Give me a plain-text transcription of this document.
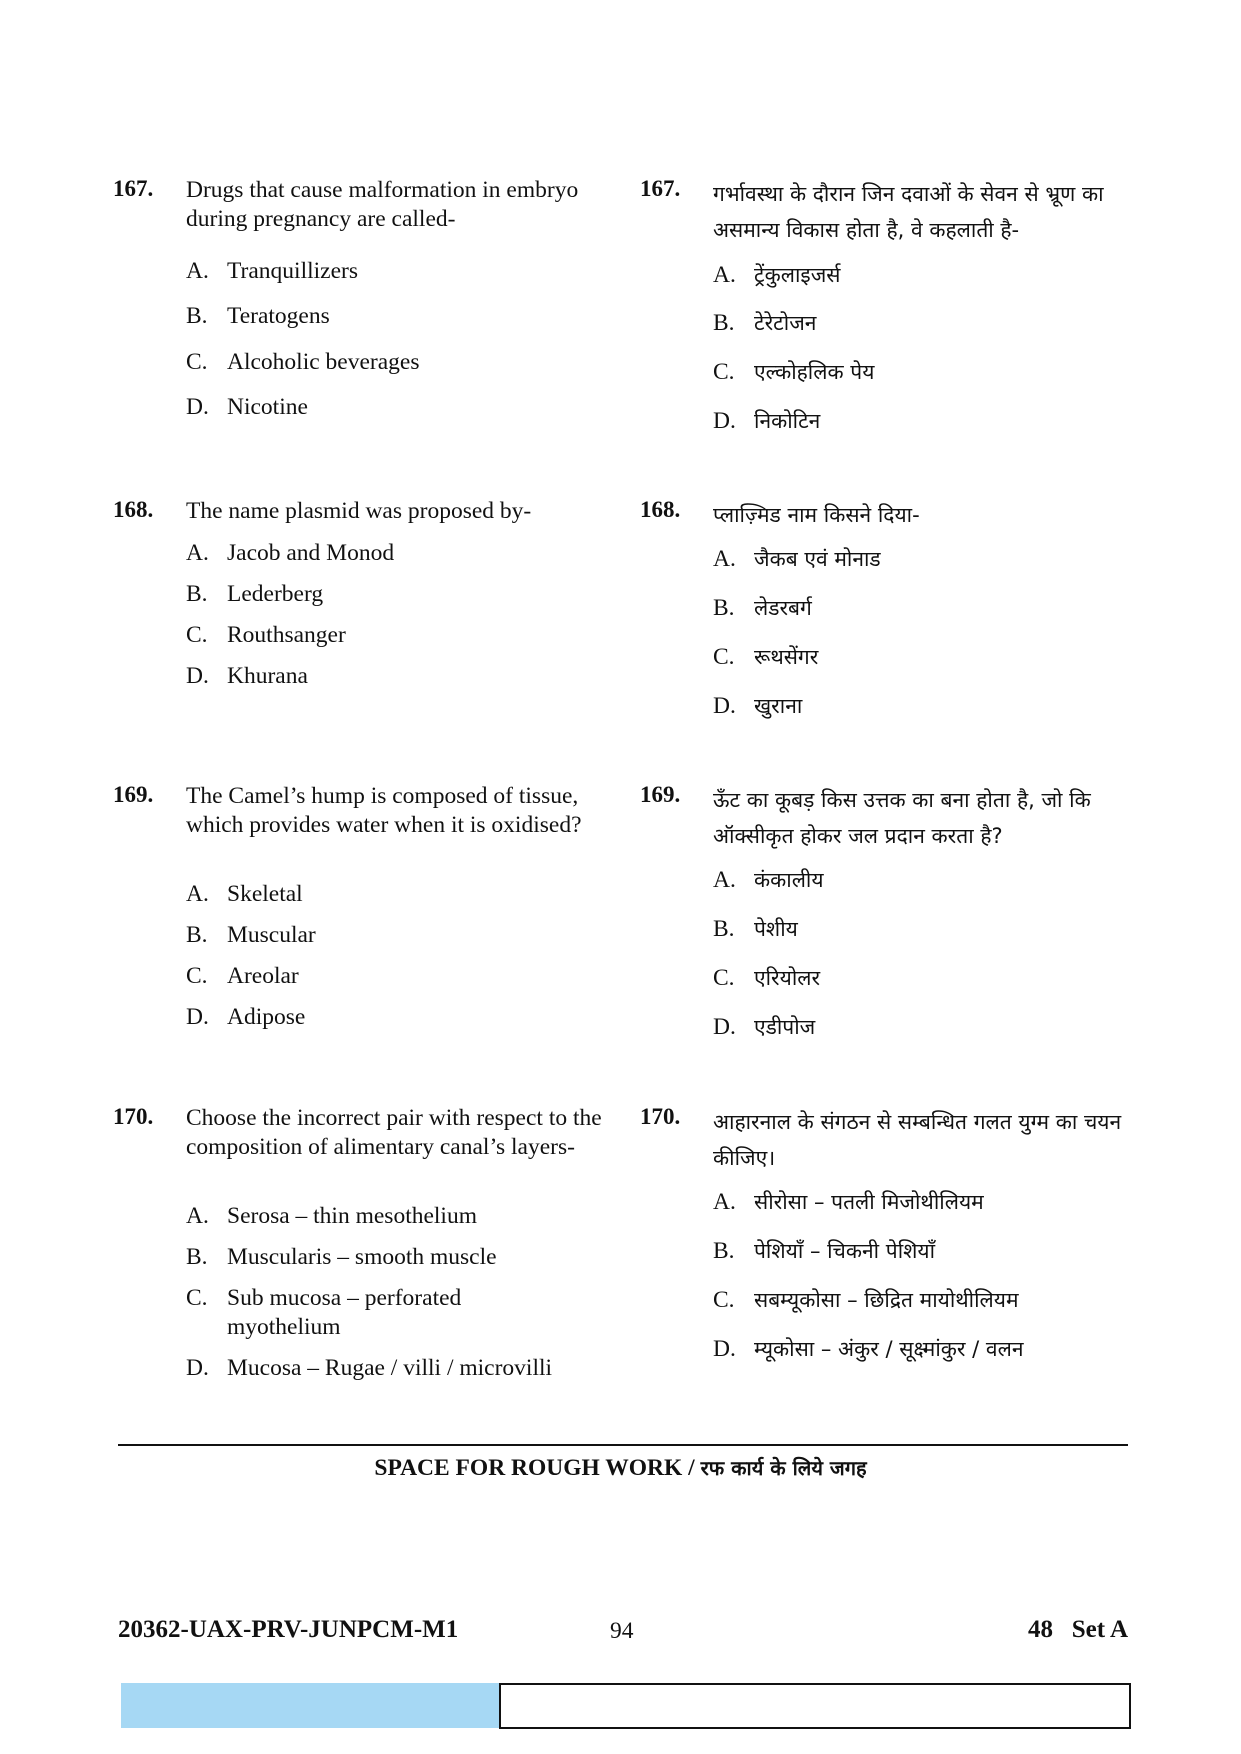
167. Drugs that cause malformation in embryo during pregnancy are called-
A. Tranquillizers
B. Teratogens
C. Alcoholic beverages
D. Nicotine
167. गर्भावस्था के दौरान जिन दवाओं के सेवन से भ्रूण का असमान्य विकास होता है, वे कहलाती है-
A. ट्रेंकुलाइजर्स
B. टेरेटोजन
C. एल्कोहलिक पेय
D. निकोटिन
168. The name plasmid was proposed by-
A. Jacob and Monod
B. Lederberg
C. Routhsanger
D. Khurana
168. प्लाज़्मिड नाम किसने दिया-
A. जैकब एवं मोनाड
B. लेडरबर्ग
C. रूथसेंगर
D. खुराना
169. The Camel’s hump is composed of tissue, which provides water when it is oxidised?
A. Skeletal
B. Muscular
C. Areolar
D. Adipose
169. ऊँट का कूबड़ किस उत्तक का बना होता है, जो कि ऑक्सीकृत होकर जल प्रदान करता है?
A. कंकालीय
B. पेशीय
C. एरियोलर
D. एडीपोज
170. Choose the incorrect pair with respect to the composition of alimentary canal’s layers-
A. Serosa – thin mesothelium
B. Muscularis – smooth muscle
C. Sub mucosa – perforated myothelium
D. Mucosa – Rugae / villi / microvilli
170. आहारनाल के संगठन से सम्बन्धित गलत युग्म का चयन कीजिए।
A. सीरोसा – पतली मिजोथीलियम
B. पेशियाँ – चिकनी पेशियाँ
C. सबम्यूकोसा – छिद्रित मायोथीलियम
D. म्यूकोसा – अंकुर / सूक्ष्मांकुर / वलन
SPACE FOR ROUGH WORK / रफ कार्य के लिये जगह
20362-UAX-PRV-JUNPCM-M1	94	48   Set A
